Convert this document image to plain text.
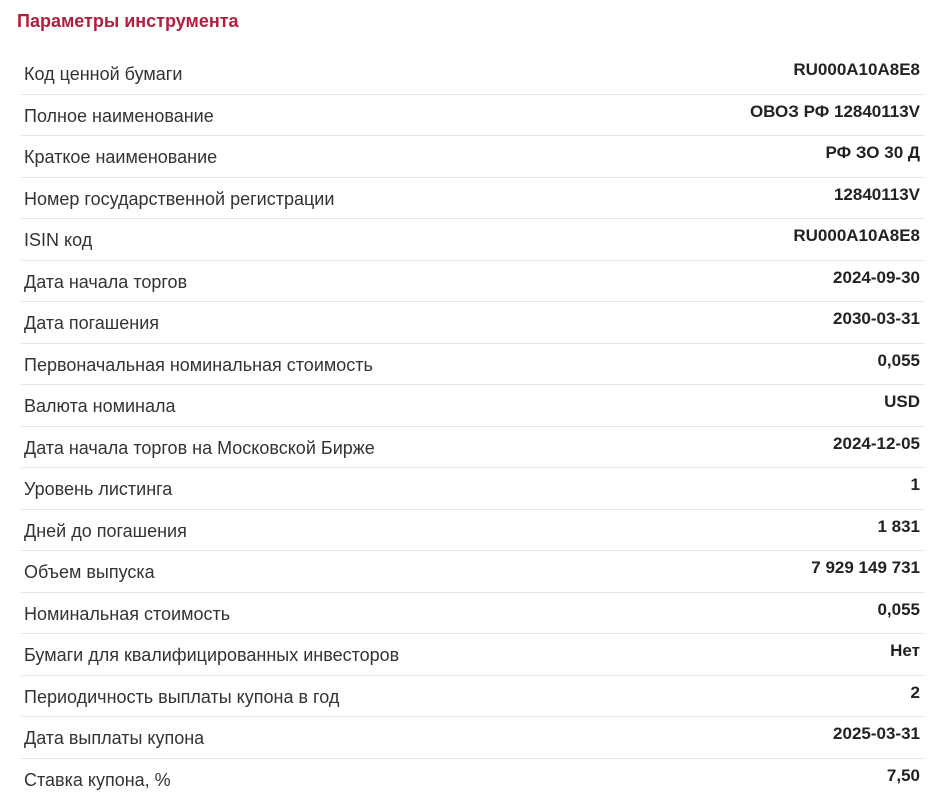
Параметры инструмента
Код ценной бумаги	RU000A10A8E8
Полное наименование	ОВОЗ РФ 12840113V
Краткое наименование	РФ ЗО 30 Д
Номер государственной регистрации	12840113V
ISIN код	RU000A10A8E8
Дата начала торгов	2024-09-30
Дата погашения	2030-03-31
Первоначальная номинальная стоимость	0,055
Валюта номинала	USD
Дата начала торгов на Московской Бирже	2024-12-05
Уровень листинга	1
Дней до погашения	1 831
Объем выпуска	7 929 149 731
Номинальная стоимость	0,055
Бумаги для квалифицированных инвесторов	Нет
Периодичность выплаты купона в год	2
Дата выплаты купона	2025-03-31
Ставка купона, %	7,50
